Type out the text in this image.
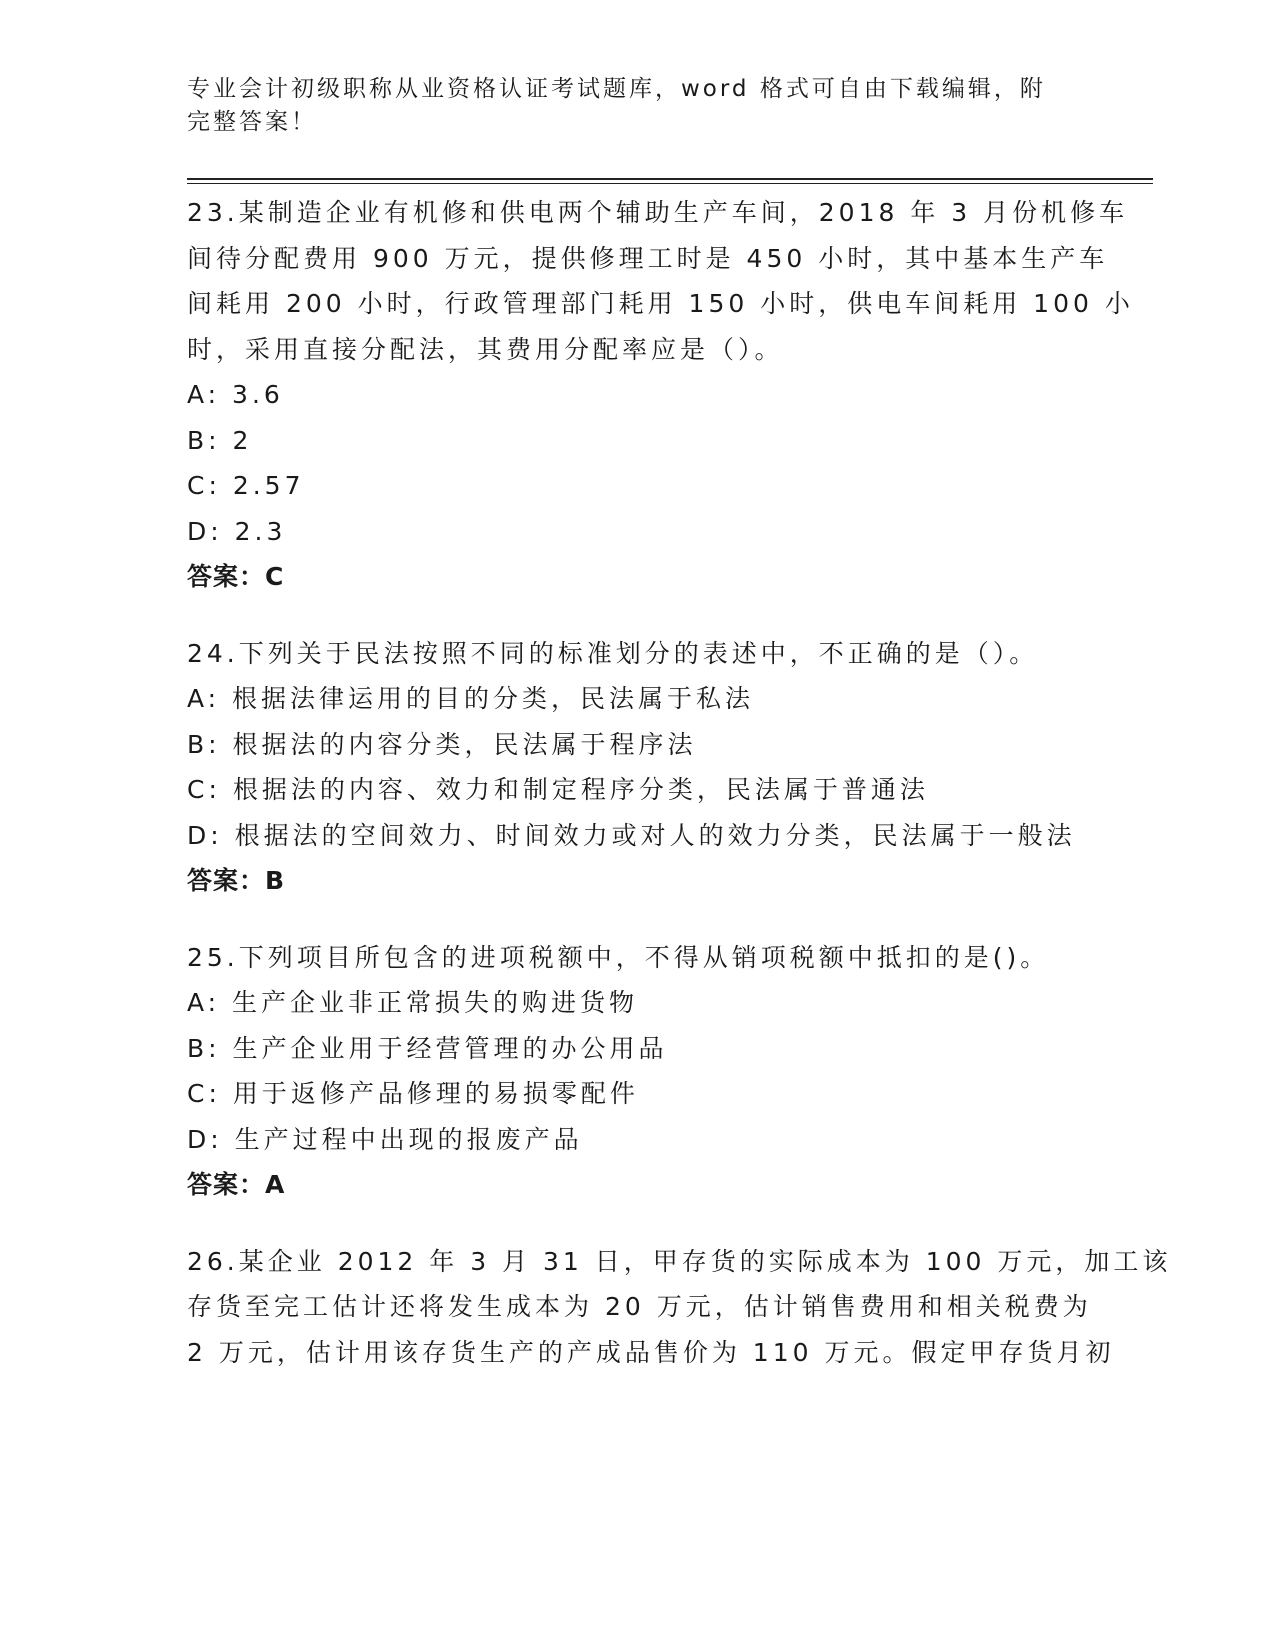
专业会计初级职称从业资格认证考试题库，word 格式可自由下载编辑，附完整答案！
23.某制造企业有机修和供电两个辅助生产车间，2018 年 3 月份机修车
间待分配费用 900 万元，提供修理工时是 450 小时，其中基本生产车
间耗用 200 小时，行政管理部门耗用 150 小时，供电车间耗用 100 小
时，采用直接分配法，其费用分配率应是（）。
A: 3.6
B: 2
C: 2.57
D: 2.3
答案：C
24.下列关于民法按照不同的标准划分的表述中，不正确的是（）。
A: 根据法律运用的目的分类，民法属于私法
B: 根据法的内容分类，民法属于程序法
C: 根据法的内容、效力和制定程序分类，民法属于普通法
D: 根据法的空间效力、时间效力或对人的效力分类，民法属于一般法
答案：B
25.下列项目所包含的进项税额中，不得从销项税额中抵扣的是()。
A: 生产企业非正常损失的购进货物
B: 生产企业用于经营管理的办公用品
C: 用于返修产品修理的易损零配件
D: 生产过程中出现的报废产品
答案：A
26.某企业 2012 年 3 月 31 日，甲存货的实际成本为 100 万元，加工该
存货至完工估计还将发生成本为 20 万元，估计销售费用和相关税费为
2 万元，估计用该存货生产的产成品售价为 110 万元。假定甲存货月初
